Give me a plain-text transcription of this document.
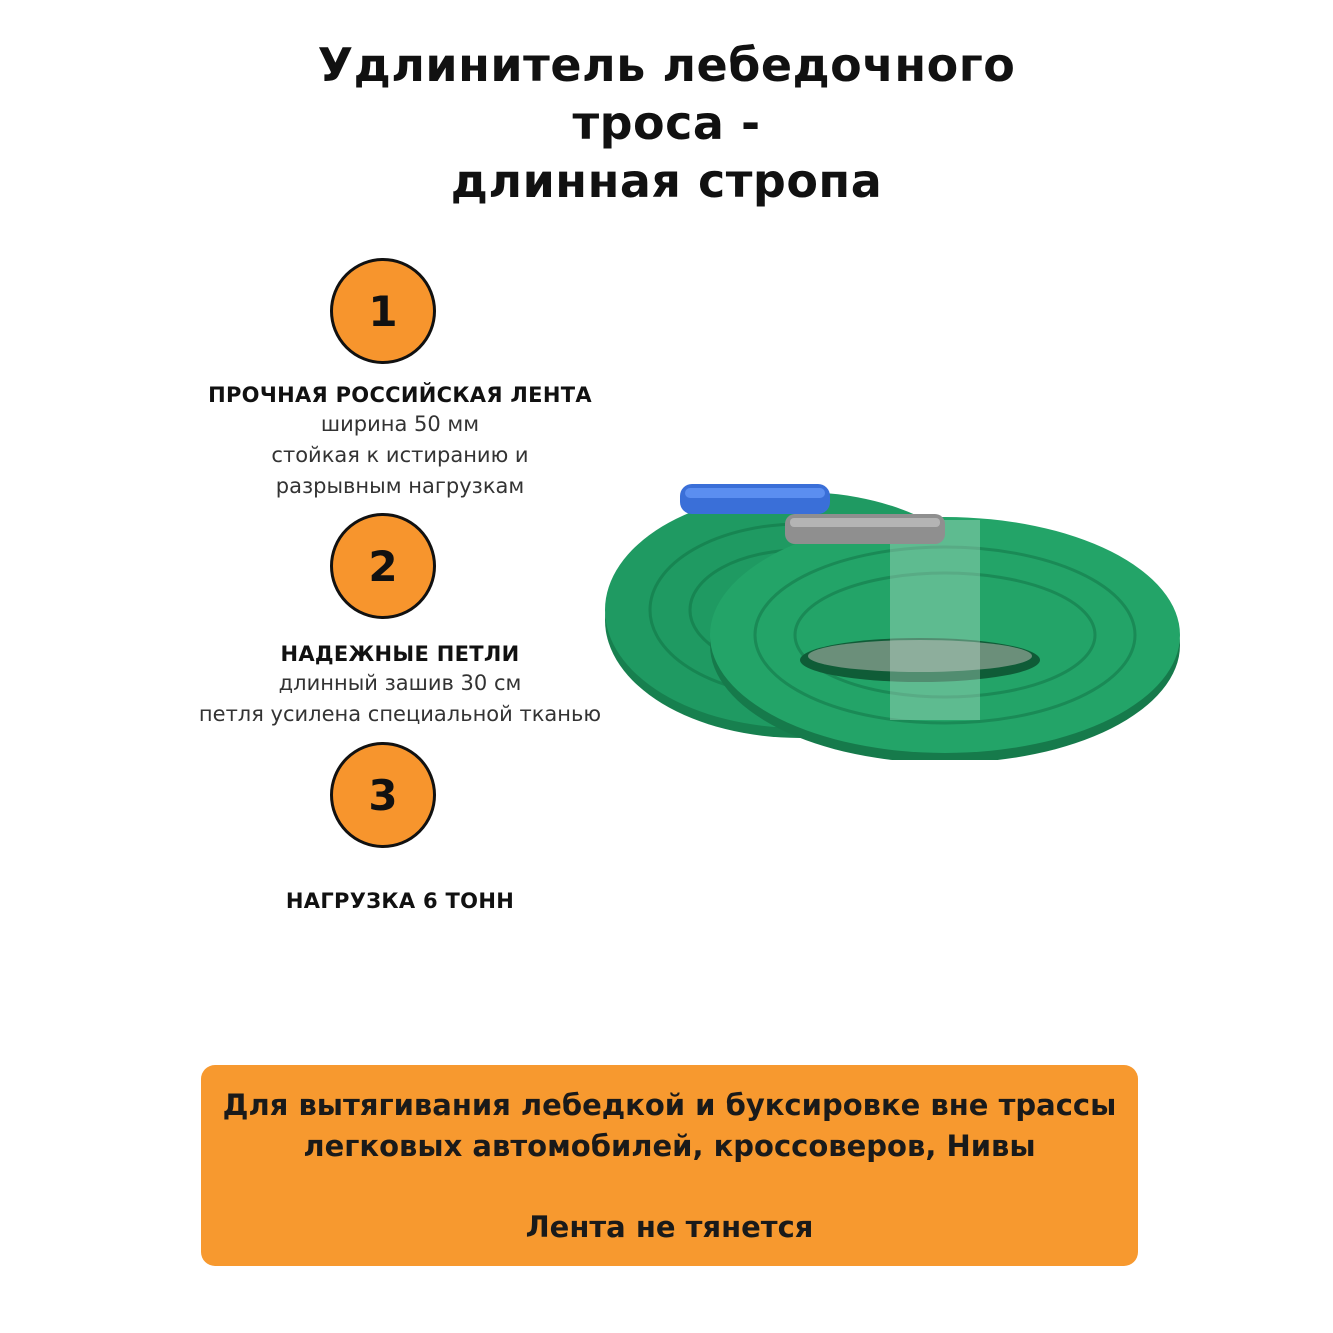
Удлинитель лебедочного
троса -
длинная стропа
1
ПРОЧНАЯ РОССИЙСКАЯ ЛЕНТА
ширина 50 мм
стойкая к истиранию и
разрывным нагрузкам
2
НАДЕЖНЫЕ ПЕТЛИ
длинный зашив 30 см
петля усилена специальной тканью
3
НАГРУЗКА 6 ТОНН
Для вытягивания лебедкой и буксировке вне трассы
легковых автомобилей, кроссоверов, Нивы
Лента не тянется
